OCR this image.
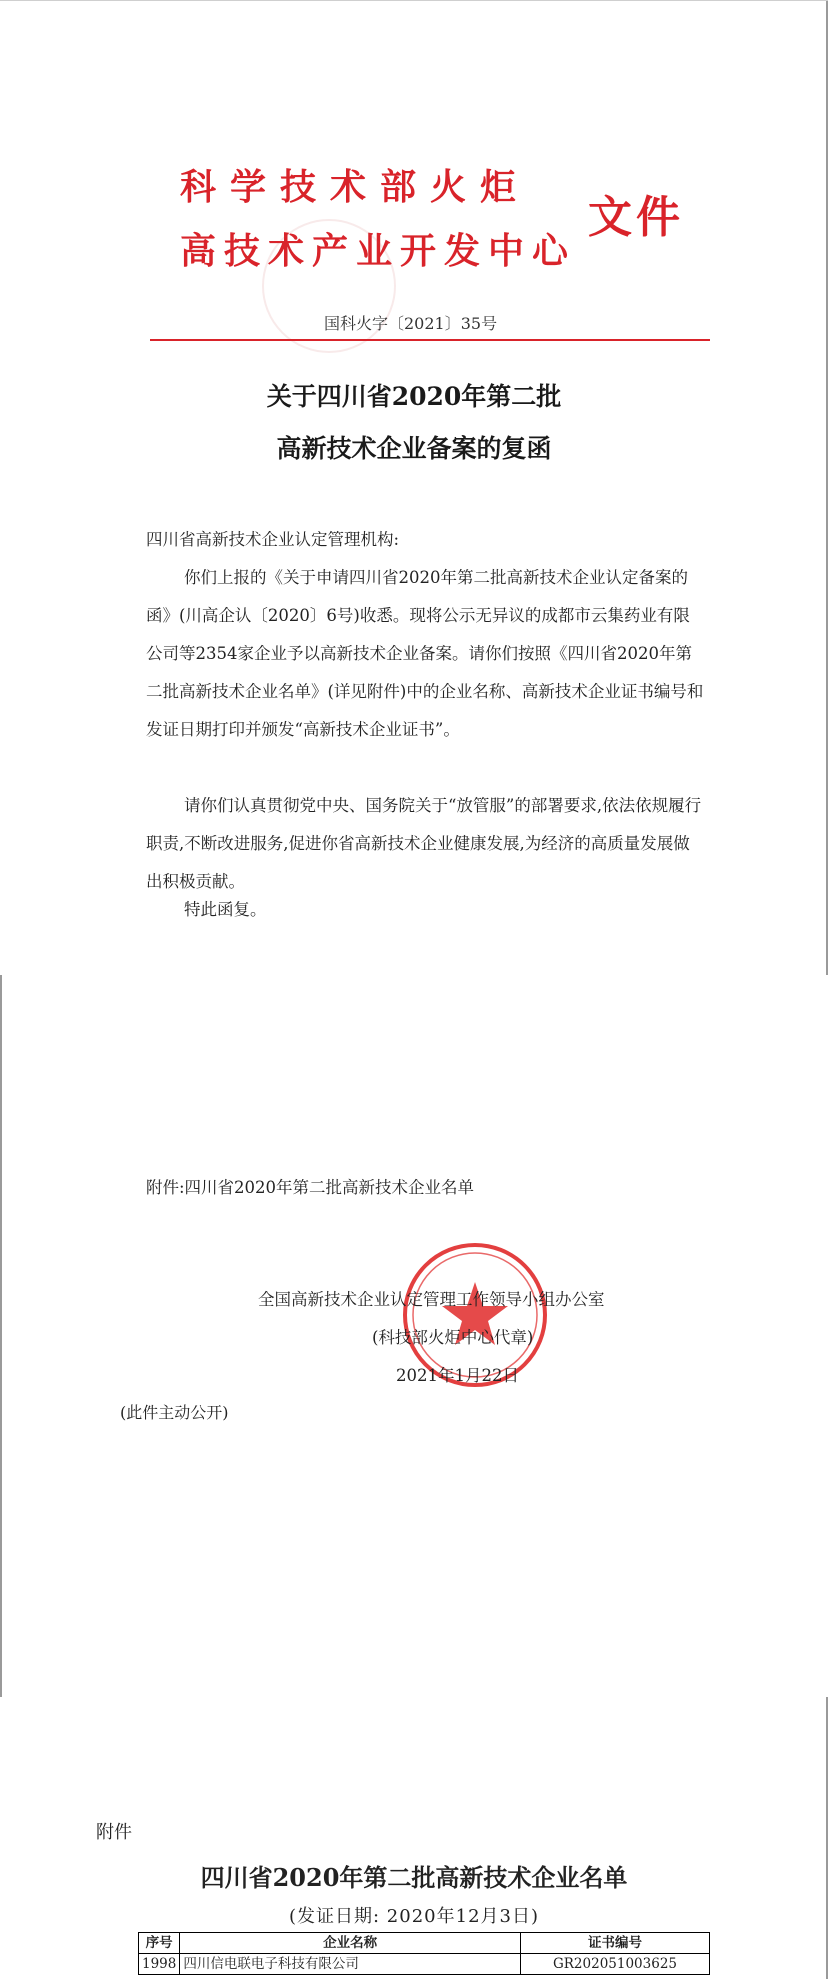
科学技术部火炬
高技术产业开发中心
文件
国科火字〔2021〕35号
关于四川省2020年第二批
高新技术企业备案的复函
四川省高新技术企业认定管理机构:
你们上报的《关于申请四川省2020年第二批高新技术企业认定备案的函》(川高企认〔2020〕6号)收悉。现将公示无异议的成都市云集药业有限公司等2354家企业予以高新技术企业备案。请你们按照《四川省2020年第二批高新技术企业名单》(详见附件)中的企业名称、高新技术企业证书编号和发证日期打印并颁发“高新技术企业证书”。
请你们认真贯彻党中央、国务院关于“放管服”的部署要求,依法依规履行职责,不断改进服务,促进你省高新技术企业健康发展,为经济的高质量发展做出积极贡献。
特此函复。
附件:四川省2020年第二批高新技术企业名单
全国高新技术企业认定管理工作领导小组办公室
(科技部火炬中心代章)
2021年1月22日
(此件主动公开)
附件
四川省2020年第二批高新技术企业名单
(发证日期: 2020年12月3日)
序号	企业名称	证书编号
1998	四川信电联电子科技有限公司	GR202051003625
